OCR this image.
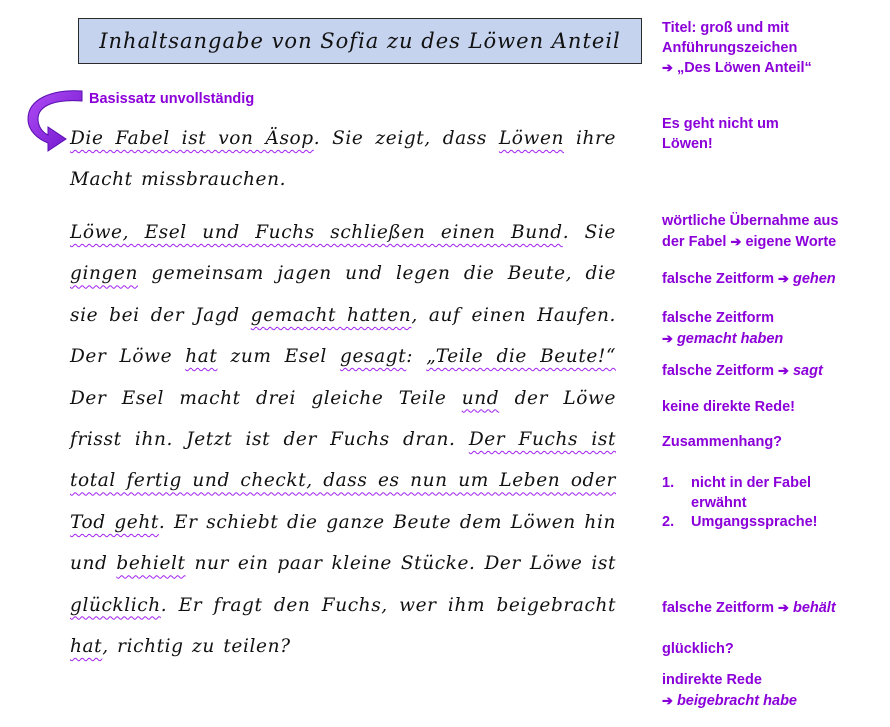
Inhaltsangabe von Sofia zu des Löwen Anteil
Basissatz unvollständig
Die Fabel ist von Äsop. Sie zeigt, dass Löwen ihre Macht missbrauchen.
Löwe, Esel und Fuchs schließen einen Bund. Sie gingen gemeinsam jagen und legen die Beute, die sie bei der Jagd gemacht hatten, auf einen Haufen. Der Löwe hat zum Esel gesagt: „Teile die Beute!“ Der Esel macht drei gleiche Teile und der Löwe frisst ihn. Jetzt ist der Fuchs dran. Der Fuchs ist total fertig und checkt, dass es nun um Leben oder Tod geht. Er schiebt die ganze Beute dem Löwen hin und behielt nur ein paar kleine Stücke. Der Löwe ist glücklich. Er fragt den Fuchs, wer ihm beigebracht hat, richtig zu teilen?
Titel: groß und mit
Anführungszeichen
➔ „Des Löwen Anteil“
Es geht nicht um
Löwen!
wörtliche Übernahme aus
der Fabel ➔ eigene Worte
falsche Zeitform ➔ gehen
falsche Zeitform
➔ gemacht haben
falsche Zeitform ➔ sagt
keine direkte Rede!
Zusammenhang?
1. nicht in der Fabel
erwähnt
2. Umgangssprache!
falsche Zeitform ➔ behält
glücklich?
indirekte Rede
➔ beigebracht habe
